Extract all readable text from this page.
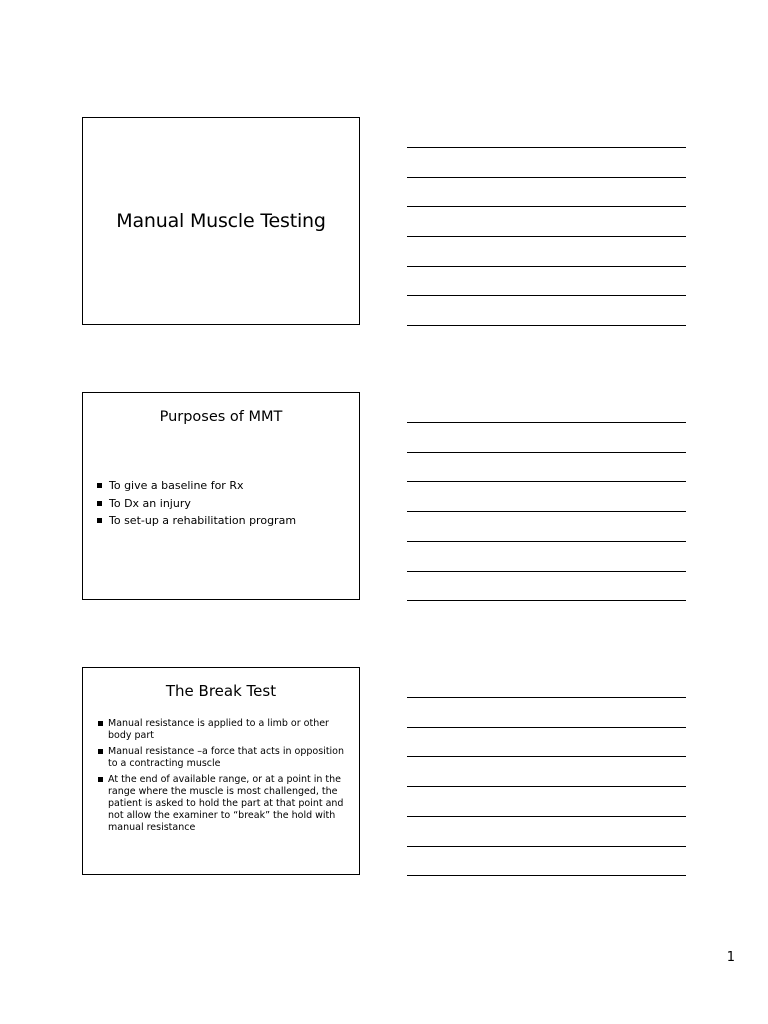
Manual Muscle Testing
Purposes of MMT
To give a baseline for Rx
To Dx an injury
To set-up a rehabilitation program
The Break Test
Manual resistance is applied to a limb or other body part
Manual resistance –a force that acts in opposition to a contracting muscle
At the end of available range, or at a point in the range where the muscle is most challenged, the patient is asked to hold the part at that point and not allow the examiner to “break” the hold with manual resistance
1
